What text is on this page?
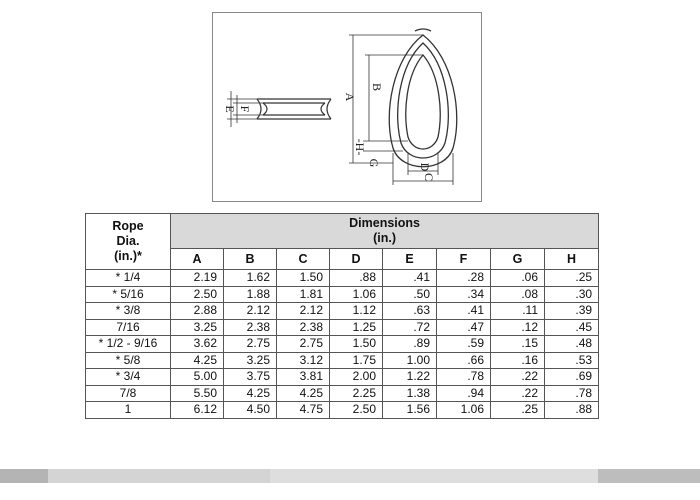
F
E
A
B
-H-
G	D
C
Rope
Dia.
(in.)*	Dimensions
(in.)							
	A	B	C	D	E	F	G	H
* 1/4	2.19	1.62	1.50	.88	.41	.28	.06	.25
* 5/16	2.50	1.88	1.81	1.06	.50	.34	.08	.30
* 3/8	2.88	2.12	2.12	1.12	.63	.41	.11	.39
7/16	3.25	2.38	2.38	1.25	.72	.47	.12	.45
* 1/2 - 9/16	3.62	2.75	2.75	1.50	.89	.59	.15	.48
* 5/8	4.25	3.25	3.12	1.75	1.00	.66	.16	.53
* 3/4	5.00	3.75	3.81	2.00	1.22	.78	.22	.69
7/8	5.50	4.25	4.25	2.25	1.38	.94	.22	.78
1	6.12	4.50	4.75	2.50	1.56	1.06	.25	.88
